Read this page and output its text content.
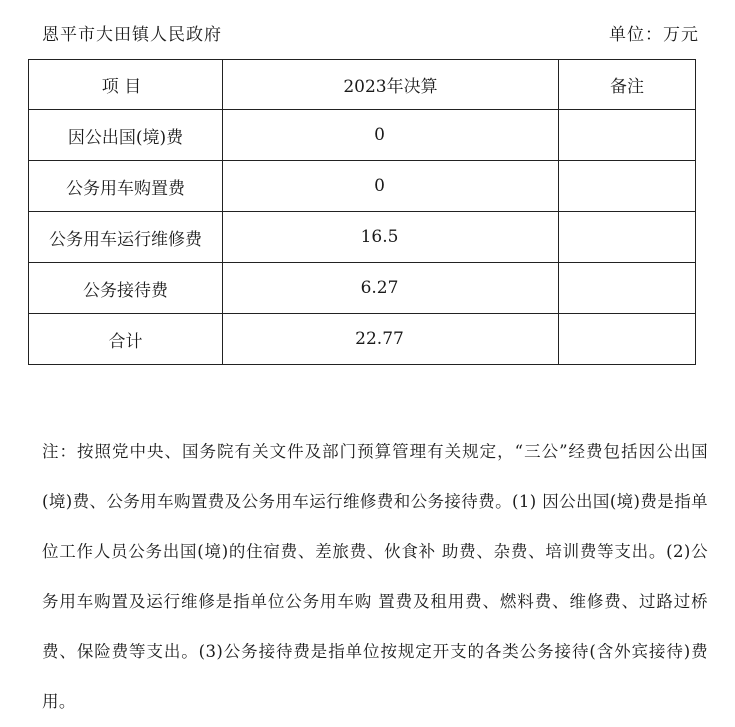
恩平市大田镇人民政府	单位：万元
项 目	2023年决算	备注
因公出国(境)费	0	
公务用车购置费	0	
公务用车运行维修费	16.5	
公务接待费	6.27	
合计	22.77	
注：按照党中央、国务院有关文件及部门预算管理有关规定，“三公”经费包括因公出国(境)费、公务用车购置费及公务用车运行维修费和公务接待费。(1) 因公出国(境)费是指单位工作人员公务出国(境)的住宿费、差旅费、伙食补 助费、杂费、培训费等支出。(2)公务用车购置及运行维修是指单位公务用车购 置费及租用费、燃料费、维修费、过路过桥费、保险费等支出。(3)公务接待费是指单位按规定开支的各类公务接待(含外宾接待)费用。
